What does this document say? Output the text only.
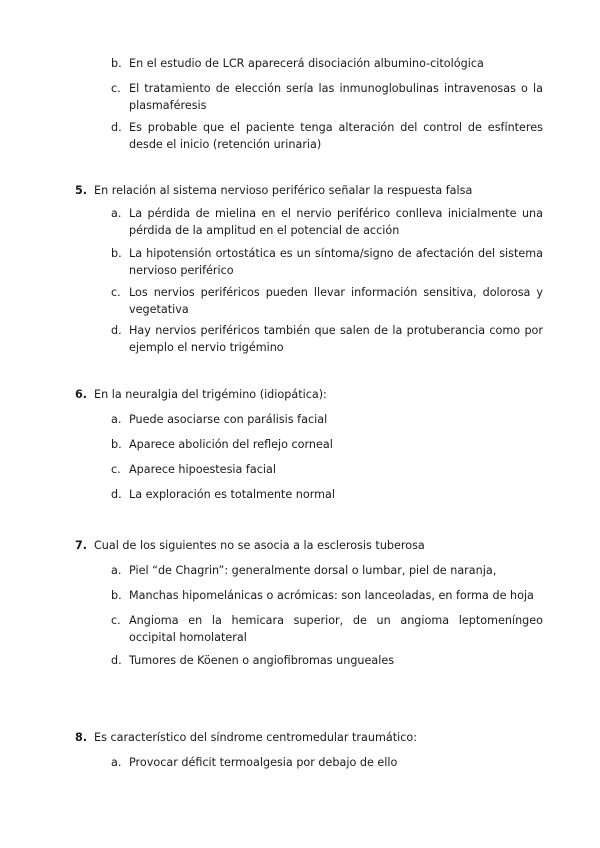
b. En el estudio de LCR aparecerá disociación albumino-citológica
c. El tratamiento de elección sería las inmunoglobulinas intravenosas o la plasmaféresis
d. Es probable que el paciente tenga alteración del control de esfínteres desde el inicio (retención urinaria)
5. En relación al sistema nervioso periférico señalar la respuesta falsa
a. La pérdida de mielina en el nervio periférico conlleva inicialmente una pérdida de la amplitud en el potencial de acción
b. La hipotensión ortostática es un síntoma/signo de afectación del sistema nervioso periférico
c. Los nervios periféricos pueden llevar información sensitiva, dolorosa y vegetativa
d. Hay nervios periféricos también que salen de la protuberancia como por ejemplo el nervio trigémino
6. En la neuralgia del trigémino (idiopática):
a. Puede asociarse con parálisis facial
b. Aparece abolición del reflejo corneal
c. Aparece hipoestesia facial
d. La exploración es totalmente normal
7. Cual de los siguientes no se asocia a la esclerosis tuberosa
a. Piel “de Chagrin”: generalmente dorsal o lumbar, piel de naranja,
b. Manchas hipomelánicas o acrómicas: son lanceoladas, en forma de hoja
c. Angioma en la hemicara superior, de un angioma leptomeníngeo occipital homolateral
d. Tumores de Köenen o angiofibromas ungueales
8. Es característico del síndrome centromedular traumático:
a. Provocar déficit termoalgesia por debajo de ello
